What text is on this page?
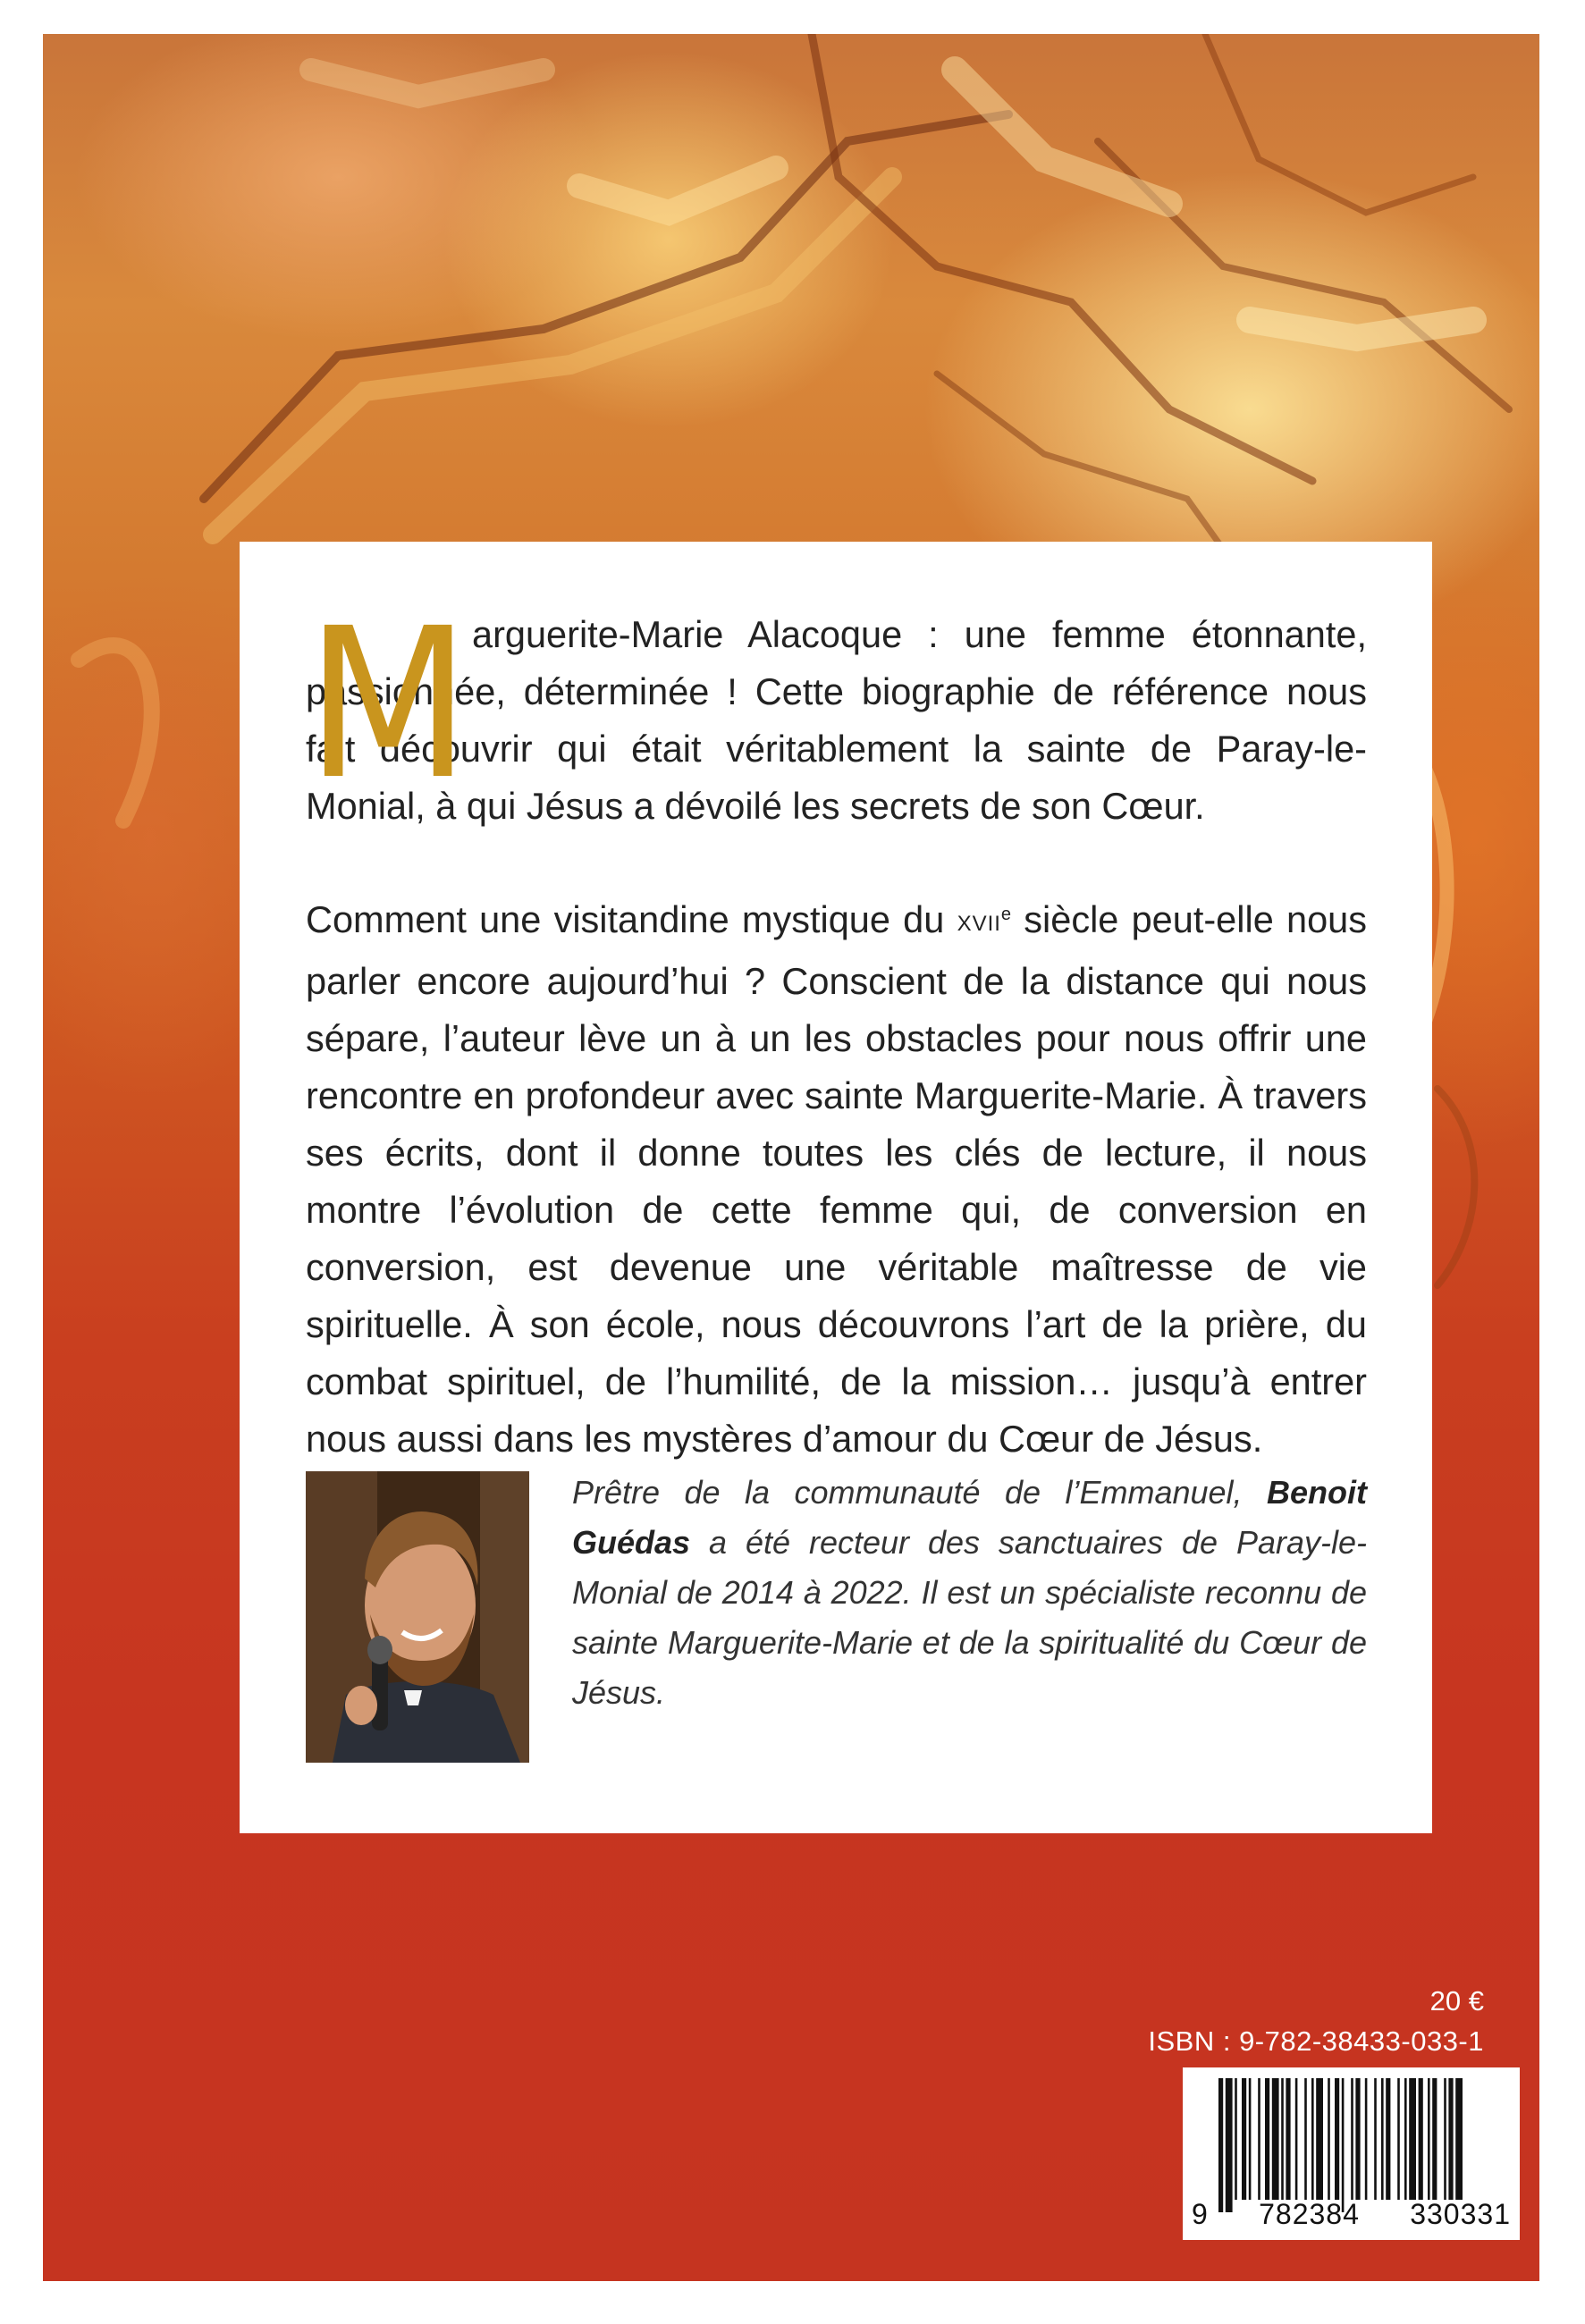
M arguerite-Marie Alacoque : une femme étonnante, passionnée, déterminée ! Cette biographie de référence nous fait découvrir qui était véritablement la sainte de Paray-le-Monial, à qui Jésus a dévoilé les secrets de son Cœur.

Comment une visitandine mystique du XVIIe siècle peut-elle nous parler encore aujourd’hui ? Conscient de la distance qui nous sépare, l’auteur lève un à un les obstacles pour nous offrir une rencontre en profondeur avec sainte Marguerite-Marie. À travers ses écrits, dont il donne toutes les clés de lecture, il nous montre l’évolution de cette femme qui, de conversion en conversion, est devenue une véritable maîtresse de vie spirituelle. À son école, nous découvrons l’art de la prière, du combat spirituel, de l’humilité, de la mission… jusqu’à entrer nous aussi dans les mystères d’amour du Cœur de Jésus.

Prêtre de la communauté de l’Emmanuel, Benoit Guédas a été recteur des sanctuaires de Paray-le-Monial de 2014 à 2022. Il est un spécialiste reconnu de sainte Marguerite-Marie et de la spiritualité du Cœur de Jésus.

20 €
ISBN : 9-782-38433-033-1
9 782384 330331
